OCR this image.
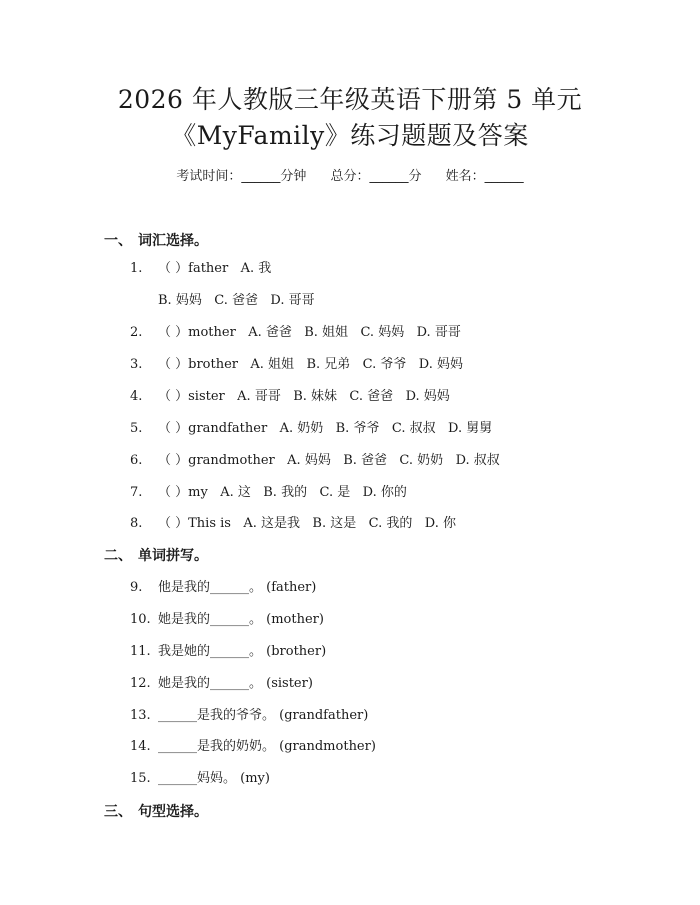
2026 年人教版三年级英语下册第 5 单元
《MyFamily》练习题题及答案
考试时间：______分钟 总分：______分 姓名：______
一、 词汇选择。
1. （ ）father   A. 我
B. 妈妈   C. 爸爸   D. 哥哥
2. （ ）mother   A. 爸爸   B. 姐姐   C. 妈妈   D. 哥哥
3. （ ）brother   A. 姐姐   B. 兄弟   C. 爷爷   D. 妈妈
4. （ ）sister   A. 哥哥   B. 妹妹   C. 爸爸   D. 妈妈
5. （ ）grandfather   A. 奶奶   B. 爷爷   C. 叔叔   D. 舅舅
6. （ ）grandmother   A. 妈妈   B. 爸爸   C. 奶奶   D. 叔叔
7. （ ）my   A. 这   B. 我的   C. 是   D. 你的
8. （ ）This is   A. 这是我   B. 这是   C. 我的   D. 你
二、 单词拼写。
9. 他是我的______。 (father)
10. 她是我的______。 (mother)
11. 我是她的______。 (brother)
12. 她是我的______。 (sister)
13. ______是我的爷爷。 (grandfather)
14. ______是我的奶奶。 (grandmother)
15. ______妈妈。 (my)
三、 句型选择。
